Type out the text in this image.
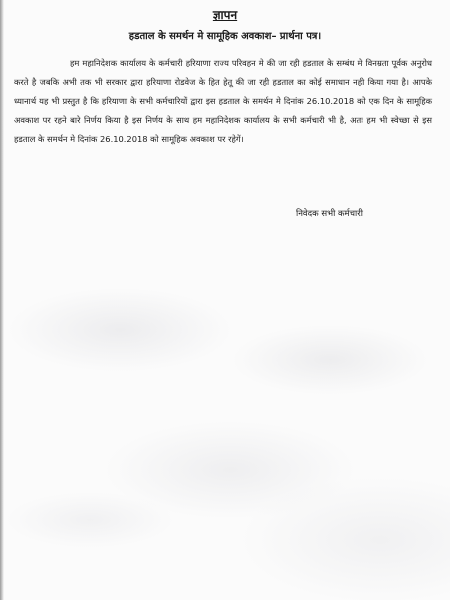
ज्ञापन
हडताल के समर्थन मे सामूहिक अवकाश– प्रार्थना पत्र।

हम महानिदेशक कार्यालय के कर्मचारी हरियाणा राज्य परिवहन मे की जा रही हडताल के सम्बंध मे विनम्रता पूर्वक अनुरोध करते है जबकि अभी तक भी सरकार द्वारा हरियाणा रोडवेज के हित हेतू की जा रही हडताल का कोई समाधान नही किया गया है। आपके ध्यानार्थ यह भी प्रस्तुत है कि हरियाणा के सभी कर्मचारियों द्वारा इस हडताल के समर्थन मे दिनांक 26.10.2018 को एक दिन के सामूहिक अवकाश पर रहने बारे निर्णय किया है इस निर्णय के साथ हम महानिदेशक कार्यालय के सभी कर्मचारी भी है, अतः हम भी स्वेच्छा से इस हडताल के समर्थन मे दिनांक 26.10.2018 को सामूहिक अवकाश पर रहेगें।

निवेदक सभी कर्मचारी
